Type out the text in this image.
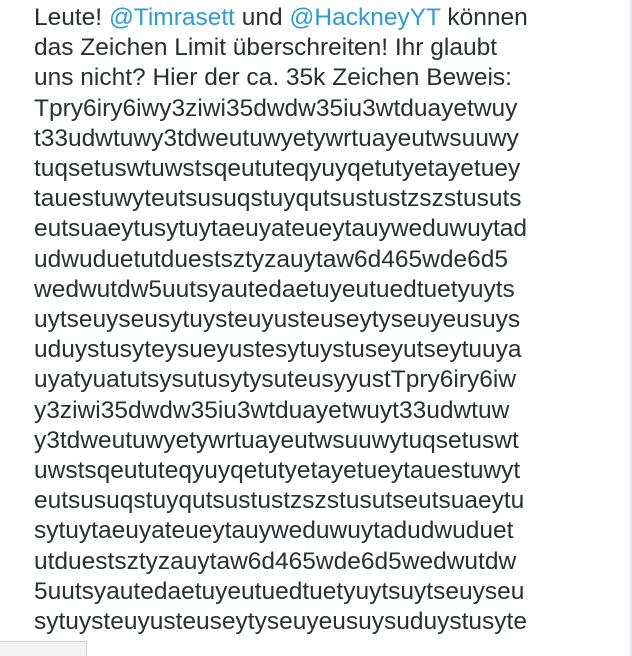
Leute! @Timrasett und @HackneyYT können
das Zeichen Limit überschreiten! Ihr glaubt
uns nicht? Hier der ca. 35k Zeichen Beweis:
Tpry6iry6iwy3ziwi35dwdw35iu3wtduayetwuy
t33udwtuwy3tdweutuwyetywrtuayeutwsuuwy
tuqsetuswtuwstsqeututeqyuyqetutyetayetuey
tauestuwyteutsusuqstuyqutsustustzszstusuts
eutsuaeytusytuytaeuyateueytauyweduwuytad
udwuduetutduestsztyzauytaw6d465wde6d5
wedwutdw5uutsyautedaetuyeutuedtuetyuyts
uytseuyseusytuysteuyusteuseytyseuyeusuys
uduystusyteysueyustesytuystuseyutseytuuya
uyatyuatutsysutusytysuteusyyustTpry6iry6iw
y3ziwi35dwdw35iu3wtduayetwuyt33udwtuw
y3tdweutuwyetywrtuayeutwsuuwytuqsetuswt
uwstsqeututeqyuyqetutyetayetueytauestuwyt
eutsusuqstuyqutsustustzszstusutseutsuaeytu
sytuytaeuyateueytauyweduwuytadudwuduet
utduestsztyzauytaw6d465wde6d5wedwutdw
5uutsyautedaetuyeutuedtuetyuytsuytseuyseu
sytuysteuyusteuseytyseuyeusuysuduystusyte
